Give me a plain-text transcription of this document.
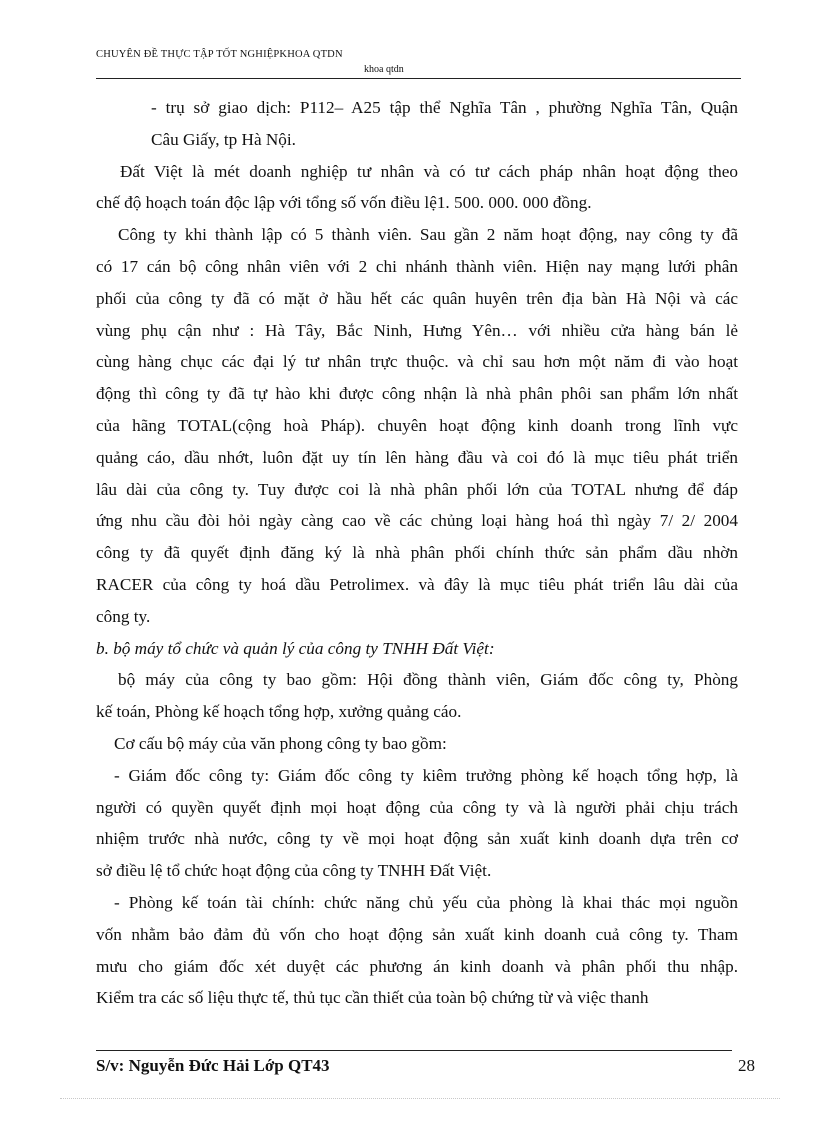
CHUYÊN ĐỀ THỰC TẬP TỐT NGHIỆPKHOA QTDN
khoa qtdn
- trụ sở giao dịch: P112– A25 tập thể Nghĩa Tân , phường Nghĩa Tân, Quận
Câu Giấy, tp Hà Nội.
Đất Việt là mét doanh nghiệp tư nhân và có tư cách pháp nhân hoạt động theo
chế độ hoạch toán độc lập với tổng số vốn điều lệ1. 500. 000. 000 đồng.
Công ty khi thành lập có 5 thành viên. Sau gần 2 năm hoạt động, nay công ty đã
có 17 cán bộ công nhân viên với 2 chi nhánh thành viên. Hiện nay mạng lưới phân
phối của công ty đã có mặt ở hầu hết các quân huyên trên địa bàn Hà Nội và các
vùng phụ cận như : Hà Tây, Bắc Ninh, Hưng Yên… với nhiều cửa hàng bán lẻ
cùng hàng chục các đại lý tư nhân trực thuộc. và chỉ sau hơn một năm đi vào hoạt
động thì công ty đã tự hào khi được công nhận là nhà phân phôi san phẩm lớn nhất
của hãng TOTAL(cộng hoà Pháp). chuyên hoạt động kinh doanh trong lĩnh vực
quảng cáo, dầu nhớt, luôn đặt uy tín lên hàng đầu và coi đó là mục tiêu phát triển
lâu dài của công ty. Tuy được coi là nhà phân phối lớn của TOTAL nhưng để đáp
ứng nhu cầu đòi hỏi ngày càng cao về các chủng loại hàng hoá thì ngày 7/ 2/ 2004
công ty đã quyết định đăng ký là nhà phân phối chính thức sản phẩm dầu nhờn
RACER của công ty hoá dầu Petrolimex. và đây là mục tiêu phát triển lâu dài của
công ty.
b. bộ máy tổ chức và quản lý của công ty TNHH Đất Việt:
bộ máy của công ty bao gồm: Hội đồng thành viên, Giám đốc công ty, Phòng
kế toán, Phòng kế hoạch tổng hợp, xưởng quảng cáo.
Cơ cấu bộ máy của văn phong công ty bao gồm:
- Giám đốc công ty: Giám đốc công ty kiêm trưởng phòng kế hoạch tổng hợp, là
người có quyền quyết định mọi hoạt động của công ty và là người phải chịu trách
nhiệm trước nhà nước, công ty về mọi hoạt động sản xuất kinh doanh dựa trên cơ
sở điều lệ tổ chức hoạt động của công ty TNHH Đất Việt.
- Phòng kế toán tài chính: chức năng chủ yếu của phòng là khai thác mọi nguồn
vốn nhằm bảo đảm đủ vốn cho hoạt động sản xuất kinh doanh cuả công ty. Tham
mưu cho giám đốc xét duyệt các phương án kinh doanh và phân phối thu nhập.
Kiểm tra các số liệu thực tế, thủ tục cần thiết của toàn bộ chứng từ và việc thanh
S/v: Nguyễn Đức Hải Lớp QT43	28
